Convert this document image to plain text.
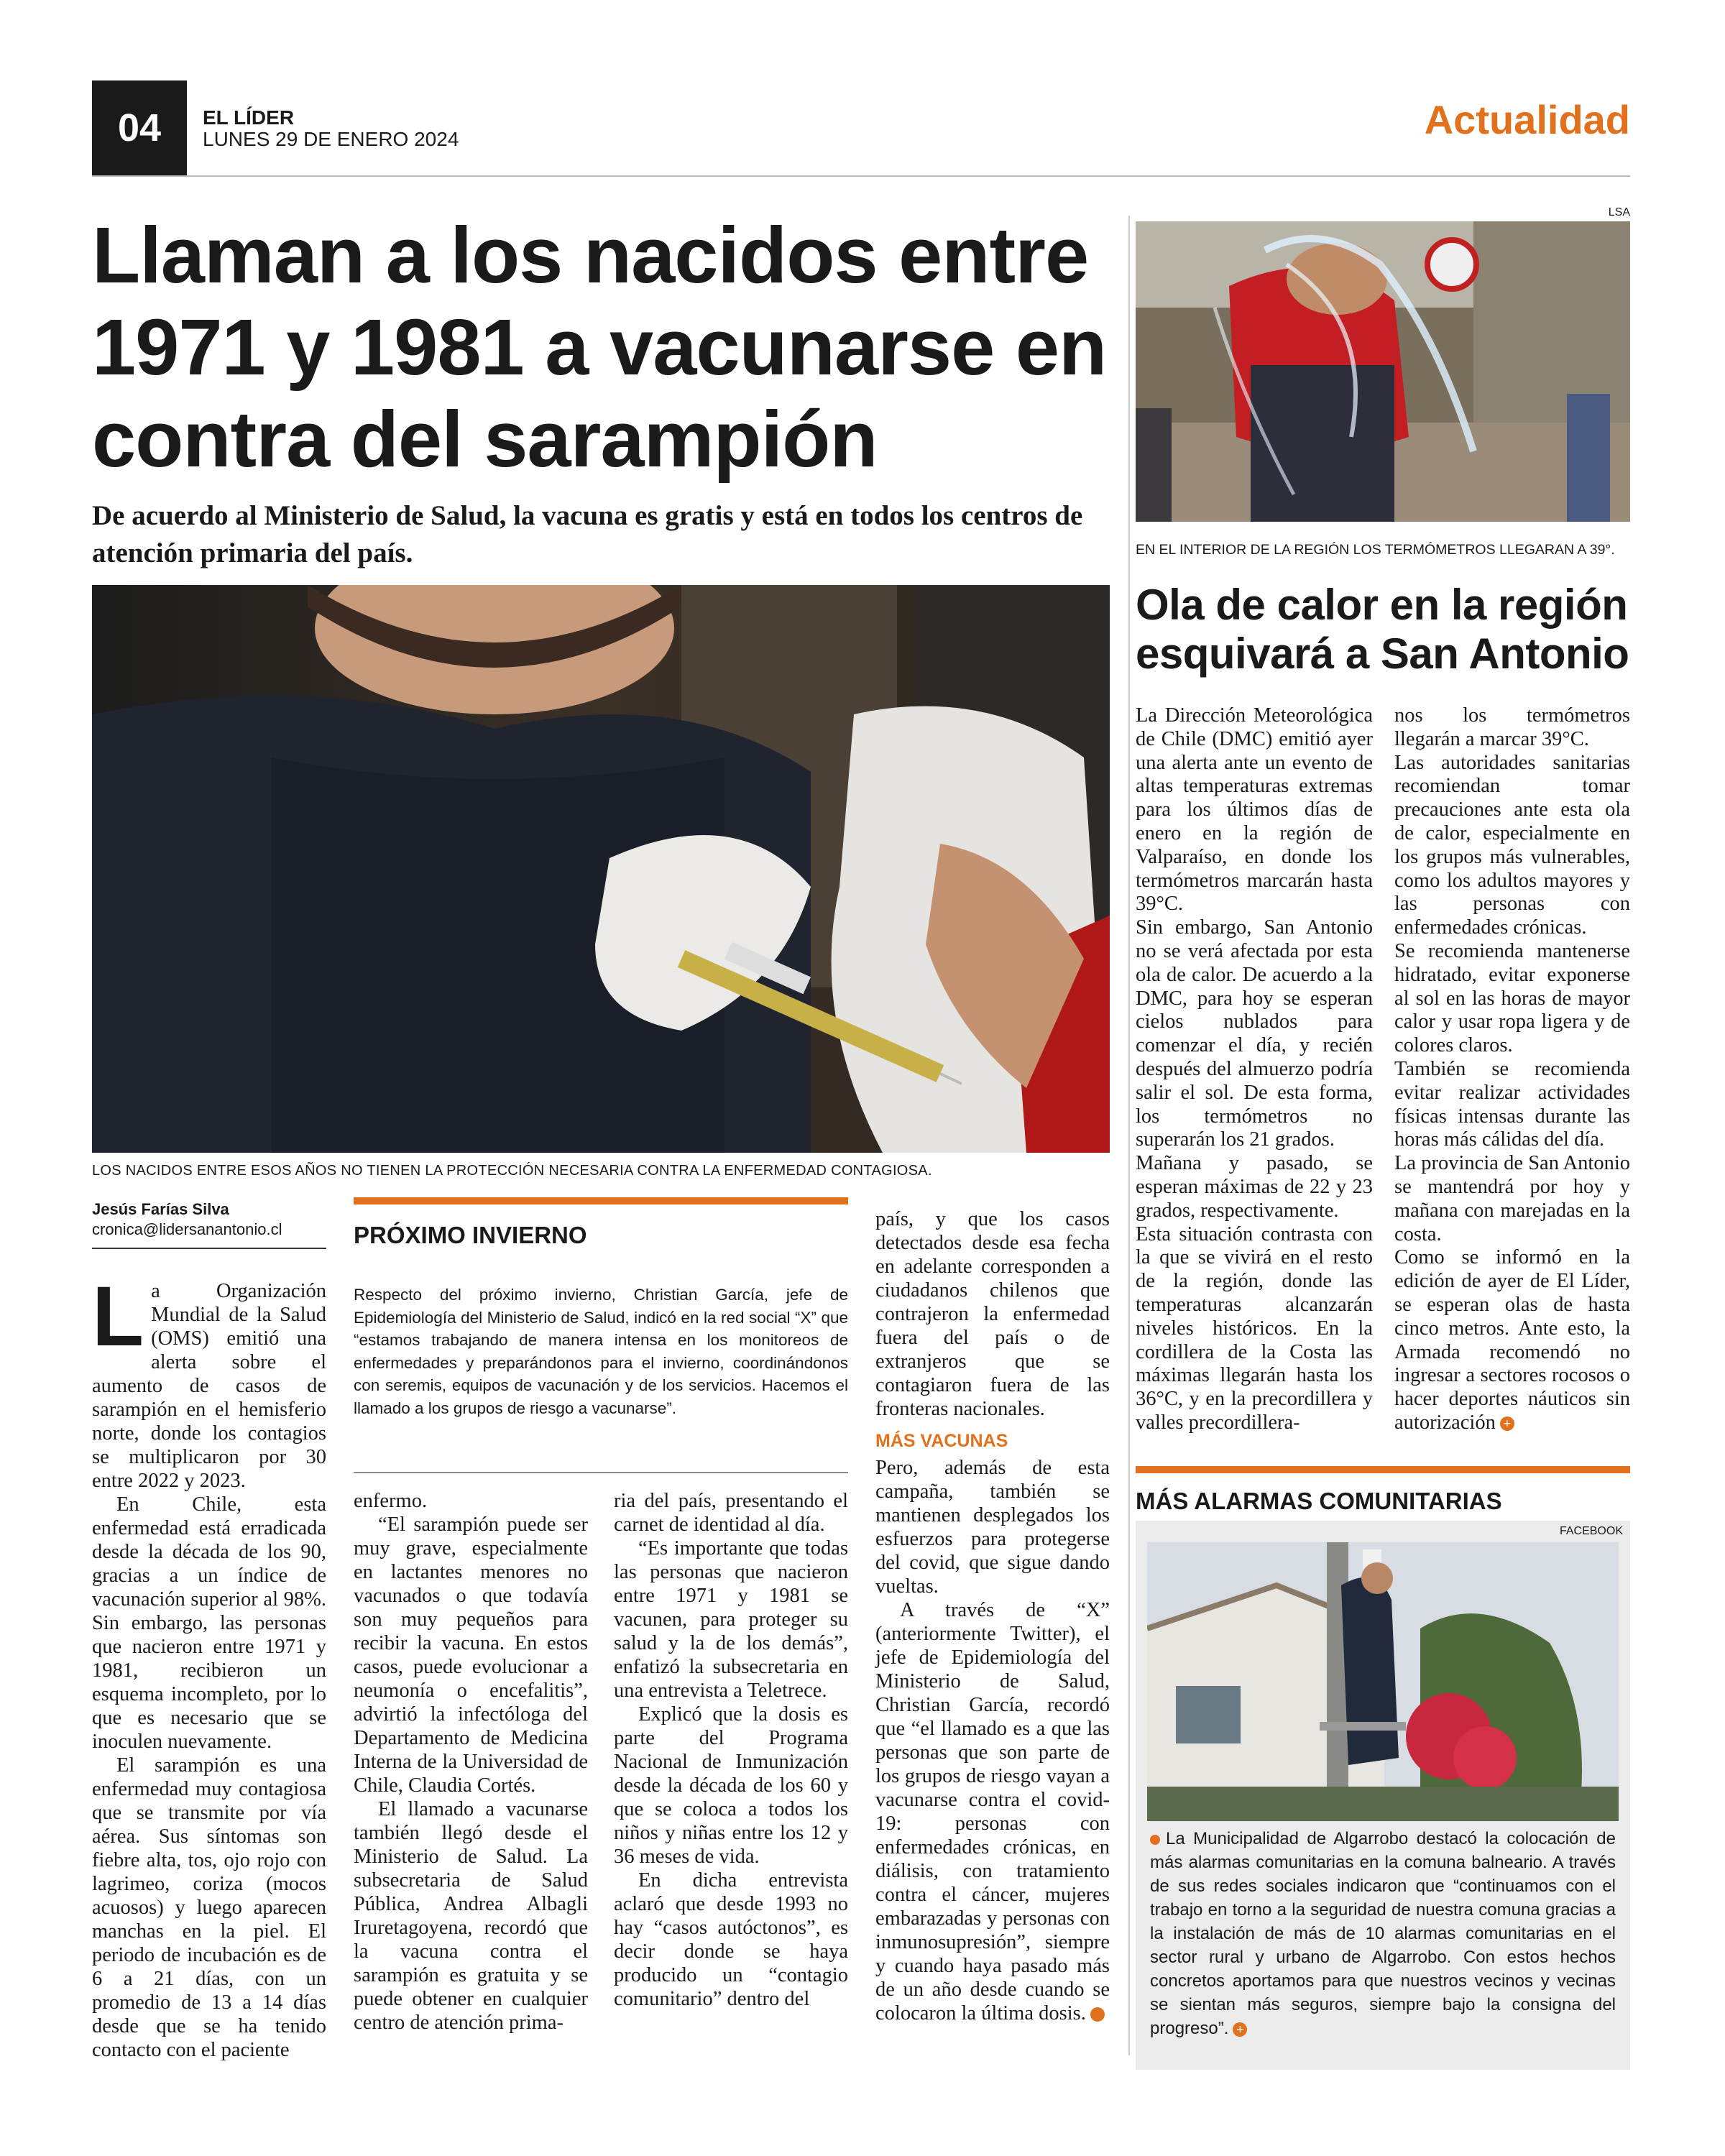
04	EL LÍDER
LUNES 29 DE ENERO 2024	Actualidad
Llaman a los nacidos entre 1971 y 1981 a vacunarse en contra del sarampión
De acuerdo al Ministerio de Salud, la vacuna es gratis y está en todos los centros de atención primaria del país.
LOS NACIDOS ENTRE ESOS AÑOS NO TIENEN LA PROTECCIÓN NECESARIA CONTRA LA ENFERMEDAD CONTAGIOSA.
Jesús Farías Silva
cronica@lidersanantonio.cl
L a Organización Mundial de la Salud (OMS) emitió una alerta sobre el aumento de casos de sarampión en el hemisferio norte, donde los contagios se multiplicaron por 30 entre 2022 y 2023.

En Chile, esta enfermedad está erradicada desde la década de los 90, gracias a un índice de vacunación superior al 98%. Sin embargo, las personas que nacieron entre 1971 y 1981, recibieron un esquema incompleto, por lo que es necesario que se inoculen nuevamente.

El sarampión es una enfermedad muy contagiosa que se transmite por vía aérea. Sus síntomas son fiebre alta, tos, ojo rojo con lagrimeo, coriza (mocos acuosos) y luego aparecen manchas en la piel. El periodo de incubación es de 6 a 21 días, con un promedio de 13 a 14 días desde que se ha tenido contacto con el paciente

PRÓXIMO INVIERNO
Respecto del próximo invierno, Christian García, jefe de Epidemiología del Ministerio de Salud, indicó en la red social “X” que “estamos trabajando de manera intensa en los monitoreos de enfermedades y preparándonos para el invierno, coordinándonos con seremis, equipos de vacunación y de los servicios. Hacemos el llamado a los grupos de riesgo a vacunarse”.

enfermo.

“El sarampión puede ser muy grave, especialmente en lactantes menores no vacunados o que todavía son muy pequeños para recibir la vacuna. En estos casos, puede evolucionar a neumonía o encefalitis”, advirtió la infectóloga del Departamento de Medicina Interna de la Universidad de Chile, Claudia Cortés.

El llamado a vacunarse también llegó desde el Ministerio de Salud. La subsecretaria de Salud Pública, Andrea Albagli Iruretagoyena, recordó que la vacuna contra el sarampión es gratuita y se puede obtener en cualquier centro de atención prima-

ria del país, presentando el carnet de identidad al día.

“Es importante que todas las personas que nacieron entre 1971 y 1981 se vacunen, para proteger su salud y la de los demás”, enfatizó la subsecretaria en una entrevista a Teletrece.

Explicó que la dosis es parte del Programa Nacional de Inmunización desde la década de los 60 y que se coloca a todos los niños y niñas entre los 12 y 36 meses de vida.

En dicha entrevista aclaró que desde 1993 no hay “casos autóctonos”, es decir donde se haya producido un “contagio comunitario” dentro del

país, y que los casos detectados desde esa fecha en adelante corresponden a ciudadanos chilenos que contrajeron la enfermedad fuera del país o de extranjeros que se contagiaron fuera de las fronteras nacionales.

MÁS VACUNAS

Pero, además de esta campaña, también se mantienen desplegados los esfuerzos para protegerse del covid, que sigue dando vueltas.

A través de “X” (anteriormente Twitter), el jefe de Epidemiología del Ministerio de Salud, Christian García, recordó que “el llamado es a que las personas que son parte de los grupos de riesgo vayan a vacunarse contra el covid-19: personas con enfermedades crónicas, en diálisis, con tratamiento contra el cáncer, mujeres embarazadas y personas con inmunosupresión”, siempre y cuando haya pasado más de un año desde cuando se colocaron la última dosis.	+

LSA
EN EL INTERIOR DE LA REGIÓN LOS TERMÓMETROS LLEGARAN A 39°.
Ola de calor en la región esquivará a San Antonio

La Dirección Meteorológica de Chile (DMC) emitió ayer una alerta ante un evento de altas temperaturas extremas para los últimos días de enero en la región de Valparaíso, en donde los termómetros marcarán hasta 39°C.

Sin embargo, San Antonio no se verá afectada por esta ola de calor. De acuerdo a la DMC, para hoy se esperan cielos nublados para comenzar el día, y recién después del almuerzo podría salir el sol. De esta forma, los termómetros no superarán los 21 grados.

Mañana y pasado, se esperan máximas de 22 y 23 grados, respectivamente.

Esta situación contrasta con la que se vivirá en el resto de la región, donde las temperaturas alcanzarán niveles históricos. En la cordillera de la Costa las máximas llegarán hasta los 36°C, y en la precordillera y valles precordillera-

nos los termómetros llegarán a marcar 39°C.

Las autoridades sanitarias recomiendan tomar precauciones ante esta ola de calor, especialmente en los grupos más vulnerables, como los adultos mayores y las personas con enfermedades crónicas.

Se recomienda mantenerse hidratado, evitar exponerse al sol en las horas de mayor calor y usar ropa ligera y de colores claros.

También se recomienda evitar realizar actividades físicas intensas durante las horas más cálidas del día.

La provincia de San Antonio se mantendrá por hoy y mañana con marejadas en la costa.

Como se informó en la edición de ayer de El Líder, se esperan olas de hasta cinco metros. Ante esto, la Armada recomendó no ingresar a sectores rocosos o hacer deportes náuticos sin autorización +

MÁS ALARMAS COMUNITARIAS
FACEBOOK
La Municipalidad de Algarrobo destacó la colocación de más alarmas comunitarias en la comuna balneario. A través de sus redes sociales indicaron que “continuamos con el trabajo en torno a la seguridad de nuestra comuna gracias a la instalación de más de 10 alarmas comunitarias en el sector rural y urbano de Algarrobo. Con estos hechos concretos aportamos para que nuestros vecinos y vecinas se sientan más seguros, siempre bajo la consigna del progreso”. +
